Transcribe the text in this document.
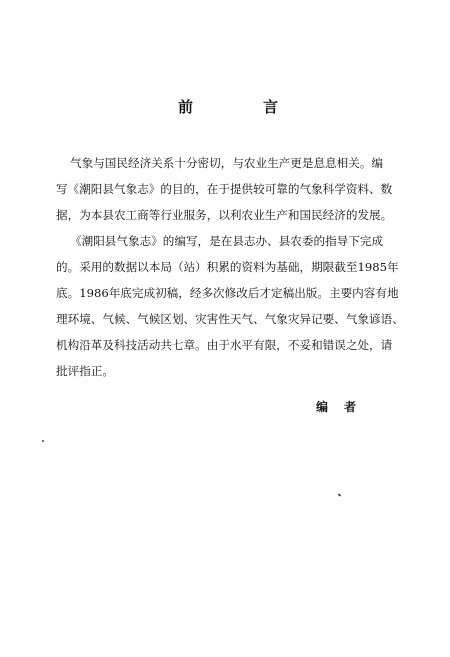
前	言
气象与国民经济关系十分密切，与农业生产更是息息相关。编
写《潮阳县气象志》的目的，在于提供较可靠的气象科学资料、数
据，为本县农工商等行业服务，以利农业生产和国民经济的发展。
《潮阳县气象志》的编写，是在县志办、县农委的指导下完成
的。采用的数据以本局（站）积累的资料为基础，期限截至1985年
底。1986年底完成初稿，经多次修改后才定稿出版。主要内容有地
理环境、气候、气候区划、灾害性天气、气象灾异记要、气象谚语、
机构沿革及科技活动共七章。由于水平有限，不妥和错误之处，请
批评指正。
编 者
